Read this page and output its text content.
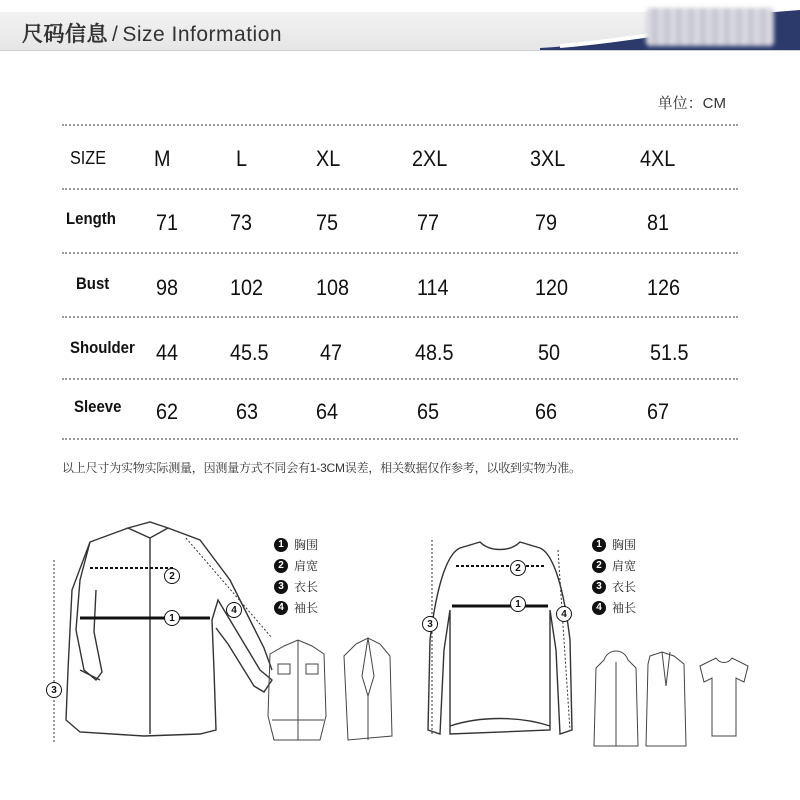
尺码信息 / Size Information
单位：CM
SIZE M	L	XL	2XL	3XL	4XL
Length 71 73	75	77	79	81
Bust 98 102 108	114	120	126
Shoulder 44 45.5 47	48.5	50	51.5
Sleeve 62	63	64	65	66	67
以上尺寸为实物实际测量，因测量方式不同会有1-3CM误差，相关数据仅作参考，以收到实物为准。
1
2
3
4
1 胸围
2 肩宽
3 衣长
4 袖长	1
2
3
4
1 胸围
2 肩宽
3 衣长
4 袖长
